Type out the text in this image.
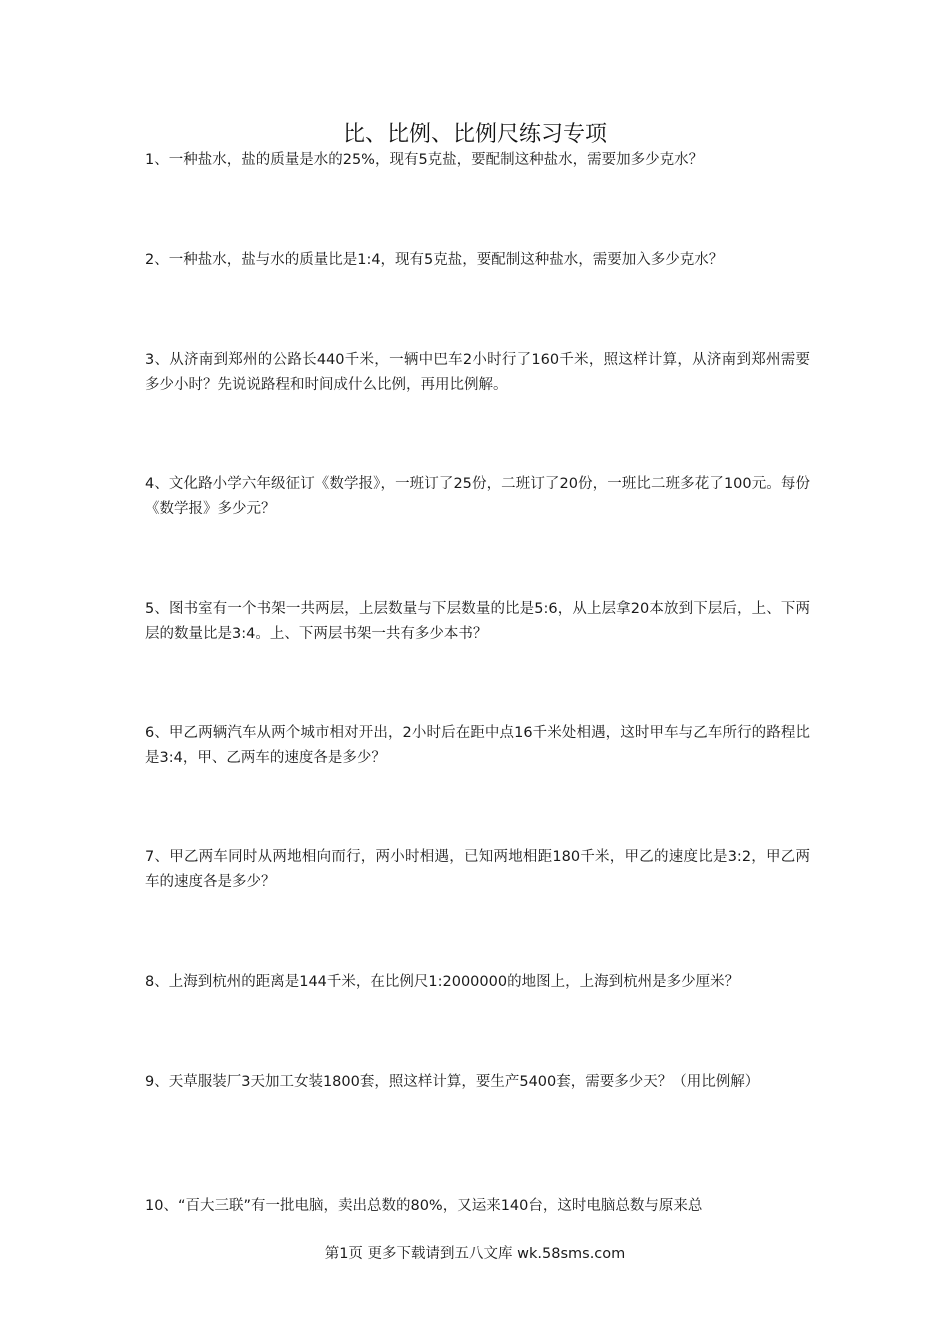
比、比例、比例尺练习专项

1、一种盐水，盐的质量是水的25%，现有5克盐，要配制这种盐水，需要加多少克水？

2、一种盐水，盐与水的质量比是1:4，现有5克盐，要配制这种盐水，需要加入多少克水？

3、从济南到郑州的公路长440千米，一辆中巴车2小时行了160千米，照这样计算，从济南到郑州需要多少小时？先说说路程和时间成什么比例，再用比例解。

4、文化路小学六年级征订《数学报》，一班订了25份，二班订了20份，一班比二班多花了100元。每份《数学报》多少元？

5、图书室有一个书架一共两层，上层数量与下层数量的比是5:6，从上层拿20本放到下层后，上、下两层的数量比是3:4。上、下两层书架一共有多少本书？

6、甲乙两辆汽车从两个城市相对开出，2小时后在距中点16千米处相遇，这时甲车与乙车所行的路程比是3:4，甲、乙两车的速度各是多少？

7、甲乙两车同时从两地相向而行，两小时相遇，已知两地相距180千米，甲乙的速度比是3:2，甲乙两车的速度各是多少？

8、上海到杭州的距离是144千米，在比例尺1:2000000的地图上，上海到杭州是多少厘米？

9、天草服装厂3天加工女装1800套，照这样计算，要生产5400套，需要多少天？（用比例解）

10、“百大三联”有一批电脑，卖出总数的80%，又运来140台，这时电脑总数与原来总

第1页 更多下载请到五八文库 wk.58sms.com
